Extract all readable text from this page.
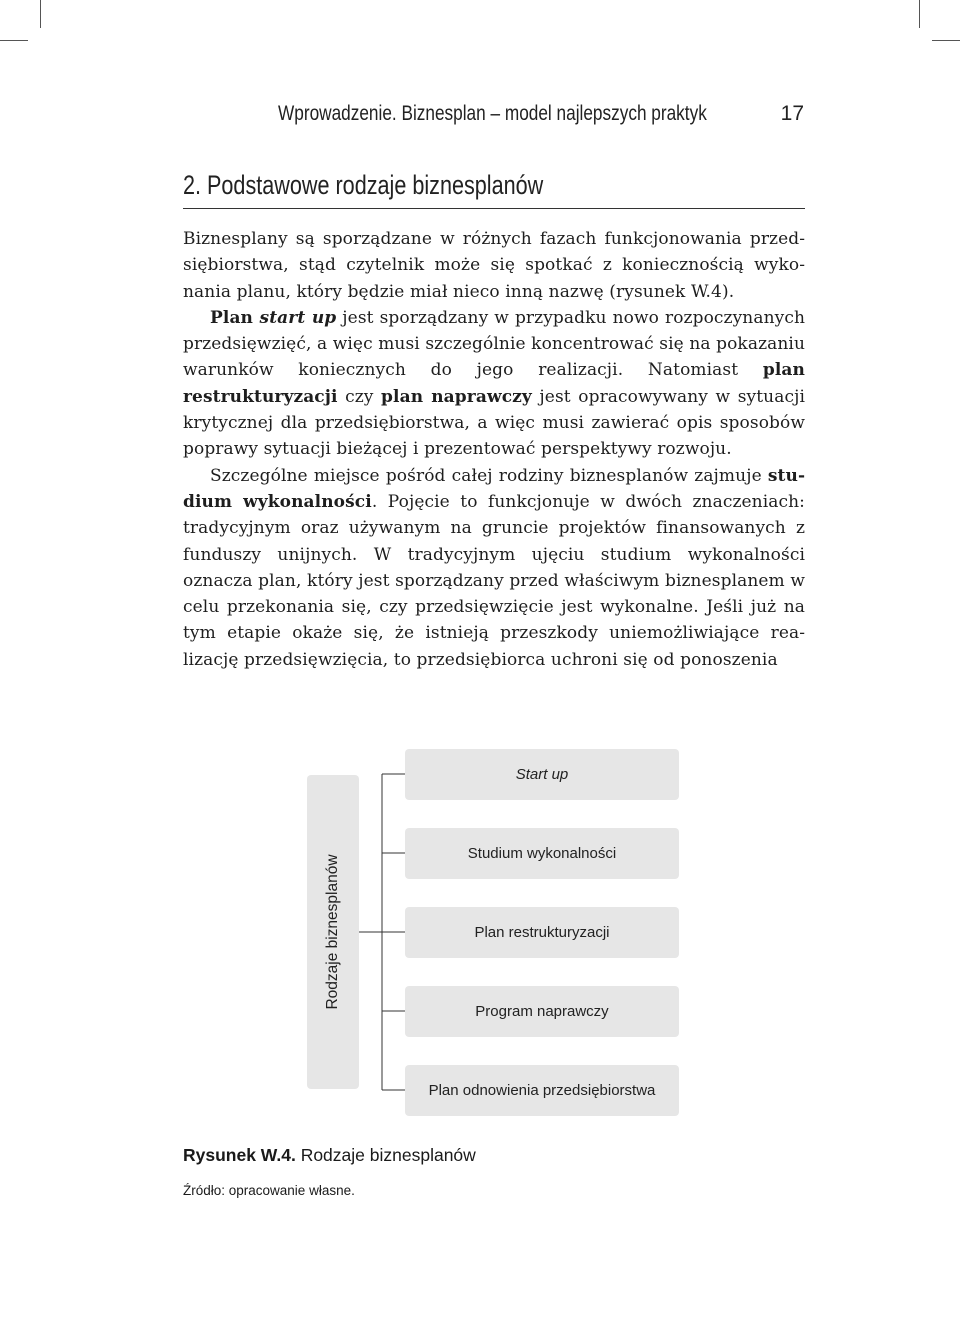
Wprowadzenie. Biznesplan – model najlepszych praktyk	17
2. Podstawowe rodzaje biznesplanów

Biznesplany są sporządzane w różnych fazach funkcjonowania przedsiębiorstwa, stąd czytelnik może się spotkać z koniecznością wykonania planu, który będzie miał nieco inną nazwę (rysunek W.4).

Plan start up jest sporządzany w przypadku nowo rozpoczynanych przedsięwzięć, a więc musi szczególnie koncentrować się na pokazaniu warunków koniecznych do jego realizacji. Natomiast plan restrukturyzacji czy plan naprawczy jest opracowywany w sytuacji krytycznej dla przedsiębiorstwa, a więc musi zawierać opis sposobów poprawy sytuacji bieżącej i prezentować perspektywy rozwoju.

Szczególne miejsce pośród całej rodziny biznesplanów zajmuje studium wykonalności. Pojęcie to funkcjonuje w dwóch znaczeniach: tradycyjnym oraz używanym na gruncie projektów finansowanych z funduszy unijnych. W tradycyjnym ujęciu studium wykonalności oznacza plan, który jest sporządzany przed właściwym biznesplanem w celu przekonania się, czy przedsięwzięcie jest wykonalne. Jeśli już na tym etapie okaże się, że istnieją przeszkody uniemożliwiające realizację przedsięwzięcia, to przedsiębiorca uchroni się od ponoszenia

Rodzaje biznesplanów
Start up
Studium wykonalności
Plan restrukturyzacji
Program naprawczy
Plan odnowienia przedsiębiorstwa
Rysunek W.4. Rodzaje biznesplanów
Źródło: opracowanie własne.
